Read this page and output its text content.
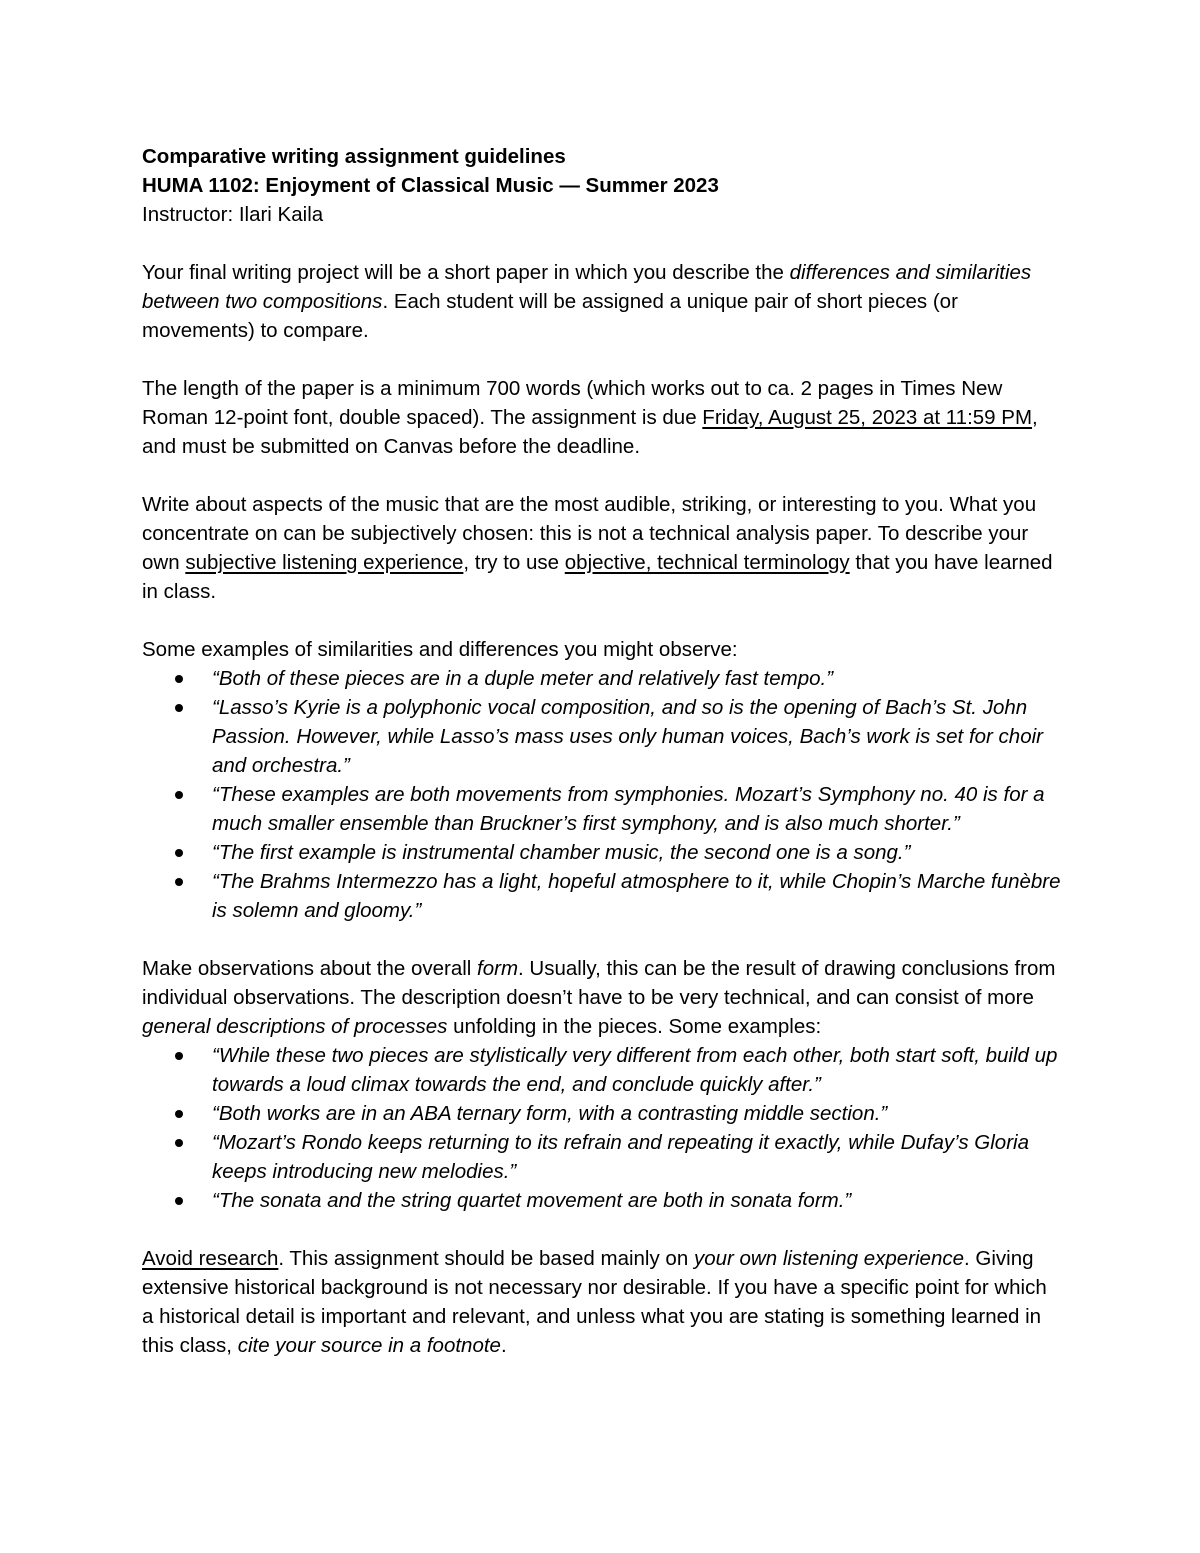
Comparative writing assignment guidelines
HUMA 1102: Enjoyment of Classical Music — Summer 2023
Instructor: Ilari Kaila

Your final writing project will be a short paper in which you describe the differences and similarities between two compositions. Each student will be assigned a unique pair of short pieces (or movements) to compare.

The length of the paper is a minimum 700 words (which works out to ca. 2 pages in Times New Roman 12-point font, double spaced). The assignment is due Friday, August 25, 2023 at 11:59 PM, and must be submitted on Canvas before the deadline.

Write about aspects of the music that are the most audible, striking, or interesting to you. What you concentrate on can be subjectively chosen: this is not a technical analysis paper. To describe your own subjective listening experience, try to use objective, technical terminology that you have learned in class.

Some examples of similarities and differences you might observe:

“Both of these pieces are in a duple meter and relatively fast tempo.”
“Lasso’s Kyrie is a polyphonic vocal composition, and so is the opening of Bach’s St. John Passion. However, while Lasso’s mass uses only human voices, Bach’s work is set for choir and orchestra.”
“These examples are both movements from symphonies. Mozart’s Symphony no. 40 is for a much smaller ensemble than Bruckner’s first symphony, and is also much shorter.”
“The first example is instrumental chamber music, the second one is a song.”
“The Brahms Intermezzo has a light, hopeful atmosphere to it, while Chopin’s Marche funèbre is solemn and gloomy.”

Make observations about the overall form. Usually, this can be the result of drawing conclusions from individual observations. The description doesn’t have to be very technical, and can consist of more general descriptions of processes unfolding in the pieces. Some examples:

“While these two pieces are stylistically very different from each other, both start soft, build up towards a loud climax towards the end, and conclude quickly after.”
“Both works are in an ABA ternary form, with a contrasting middle section.”
“Mozart’s Rondo keeps returning to its refrain and repeating it exactly, while Dufay’s Gloria keeps introducing new melodies.”
“The sonata and the string quartet movement are both in sonata form.”

Avoid research. This assignment should be based mainly on your own listening experience. Giving extensive historical background is not necessary nor desirable. If you have a specific point for which a historical detail is important and relevant, and unless what you are stating is something learned in this class, cite your source in a footnote.
